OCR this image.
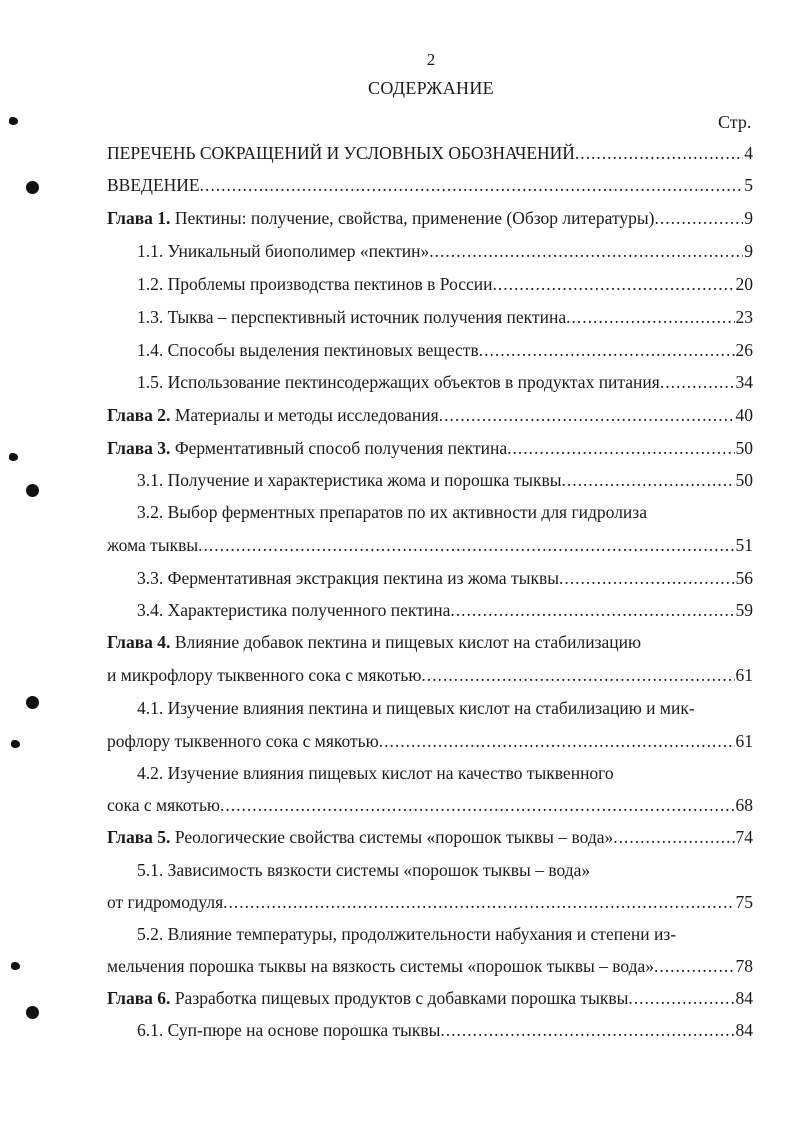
2
СОДЕРЖАНИЕ
Стр.
ПЕРЕЧЕНЬ СОКРАЩЕНИЙ И УСЛОВНЫХ ОБОЗНАЧЕНИЙ .....	4
ВВЕДЕНИЕ .....	5
Глава 1. Пектины: получение, свойства, применение (Обзор литературы) .....	9
1.1. Уникальный биополимер «пектин» .....	9
1.2. Проблемы производства пектинов в России .....	20
1.3. Тыква – перспективный источник получения пектина .....	23
1.4. Способы выделения пектиновых веществ .....	26
1.5. Использование пектинсодержащих объектов в продуктах питания .....	34
Глава 2. Материалы и методы исследования .....	40
Глава 3. Ферментативный способ получения пектина .....	50
3.1. Получение и характеристика жома и порошка тыквы .....	50
3.2. Выбор ферментных препаратов по их активности для гидролиза
жома тыквы .....	51
3.3. Ферментативная экстракция пектина из жома тыквы .....	56
3.4. Характеристика полученного пектина .....	59
Глава 4. Влияние добавок пектина и пищевых кислот на стабилизацию
и микрофлору тыквенного сока с мякотью .....	61
4.1. Изучение влияния пектина и пищевых кислот на стабилизацию и мик-
рофлору тыквенного сока с мякотью .....	61
4.2. Изучение влияния пищевых кислот на качество тыквенного
сока с мякотью .....	68
Глава 5. Реологические свойства системы «порошок тыквы – вода» .....	74
5.1. Зависимость вязкости системы «порошок тыквы – вода»
от гидромодуля .....	75
5.2. Влияние температуры, продолжительности набухания и степени из-
мельчения порошка тыквы на вязкость системы «порошок тыквы – вода» .....	78
Глава 6. Разработка пищевых продуктов с добавками порошка тыквы .....	84
6.1. Суп-пюре на основе порошка тыквы .....	84
